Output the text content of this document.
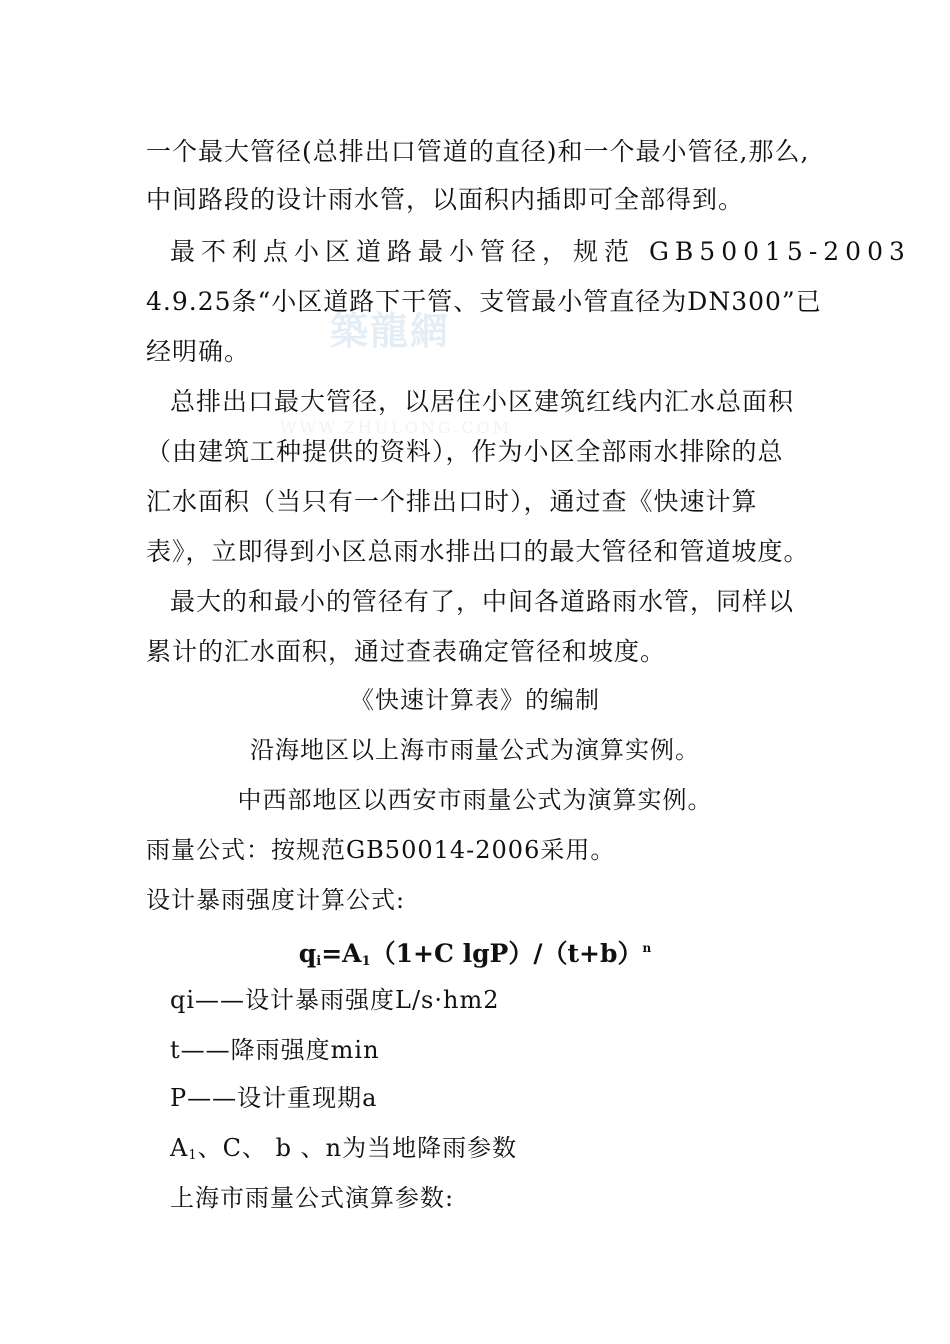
築龍網
WWW.ZHULONG.COM
一个最大管径(总排出口管道的直径)和一个最小管径,那么,
中间路段的设计雨水管，以面积内插即可全部得到。
最不利点小区道路最小管径，规范 GB50015-2003
4.9.25条“小区道路下干管、支管最小管直径为DN300”已
经明确。
总排出口最大管径，以居住小区建筑红线内汇水总面积
（由建筑工种提供的资料），作为小区全部雨水排除的总
汇水面积（当只有一个排出口时），通过查《快速计算
表》，立即得到小区总雨水排出口的最大管径和管道坡度。
最大的和最小的管径有了，中间各道路雨水管，同样以
累计的汇水面积，通过查表确定管径和坡度。
《快速计算表》的编制
沿海地区以上海市雨量公式为演算实例。
中西部地区以西安市雨量公式为演算实例。
雨量公式：按规范GB50014-2006采用。
设计暴雨强度计算公式:
$q_i=A_1(1+C$ $\lg P)/(t+b)^n$
qi——设计暴雨强度L/s·hm2
t——降雨强度min
P——设计重现期a
$A_1$、C、 b 、n为当地降雨参数
上海市雨量公式演算参数:
